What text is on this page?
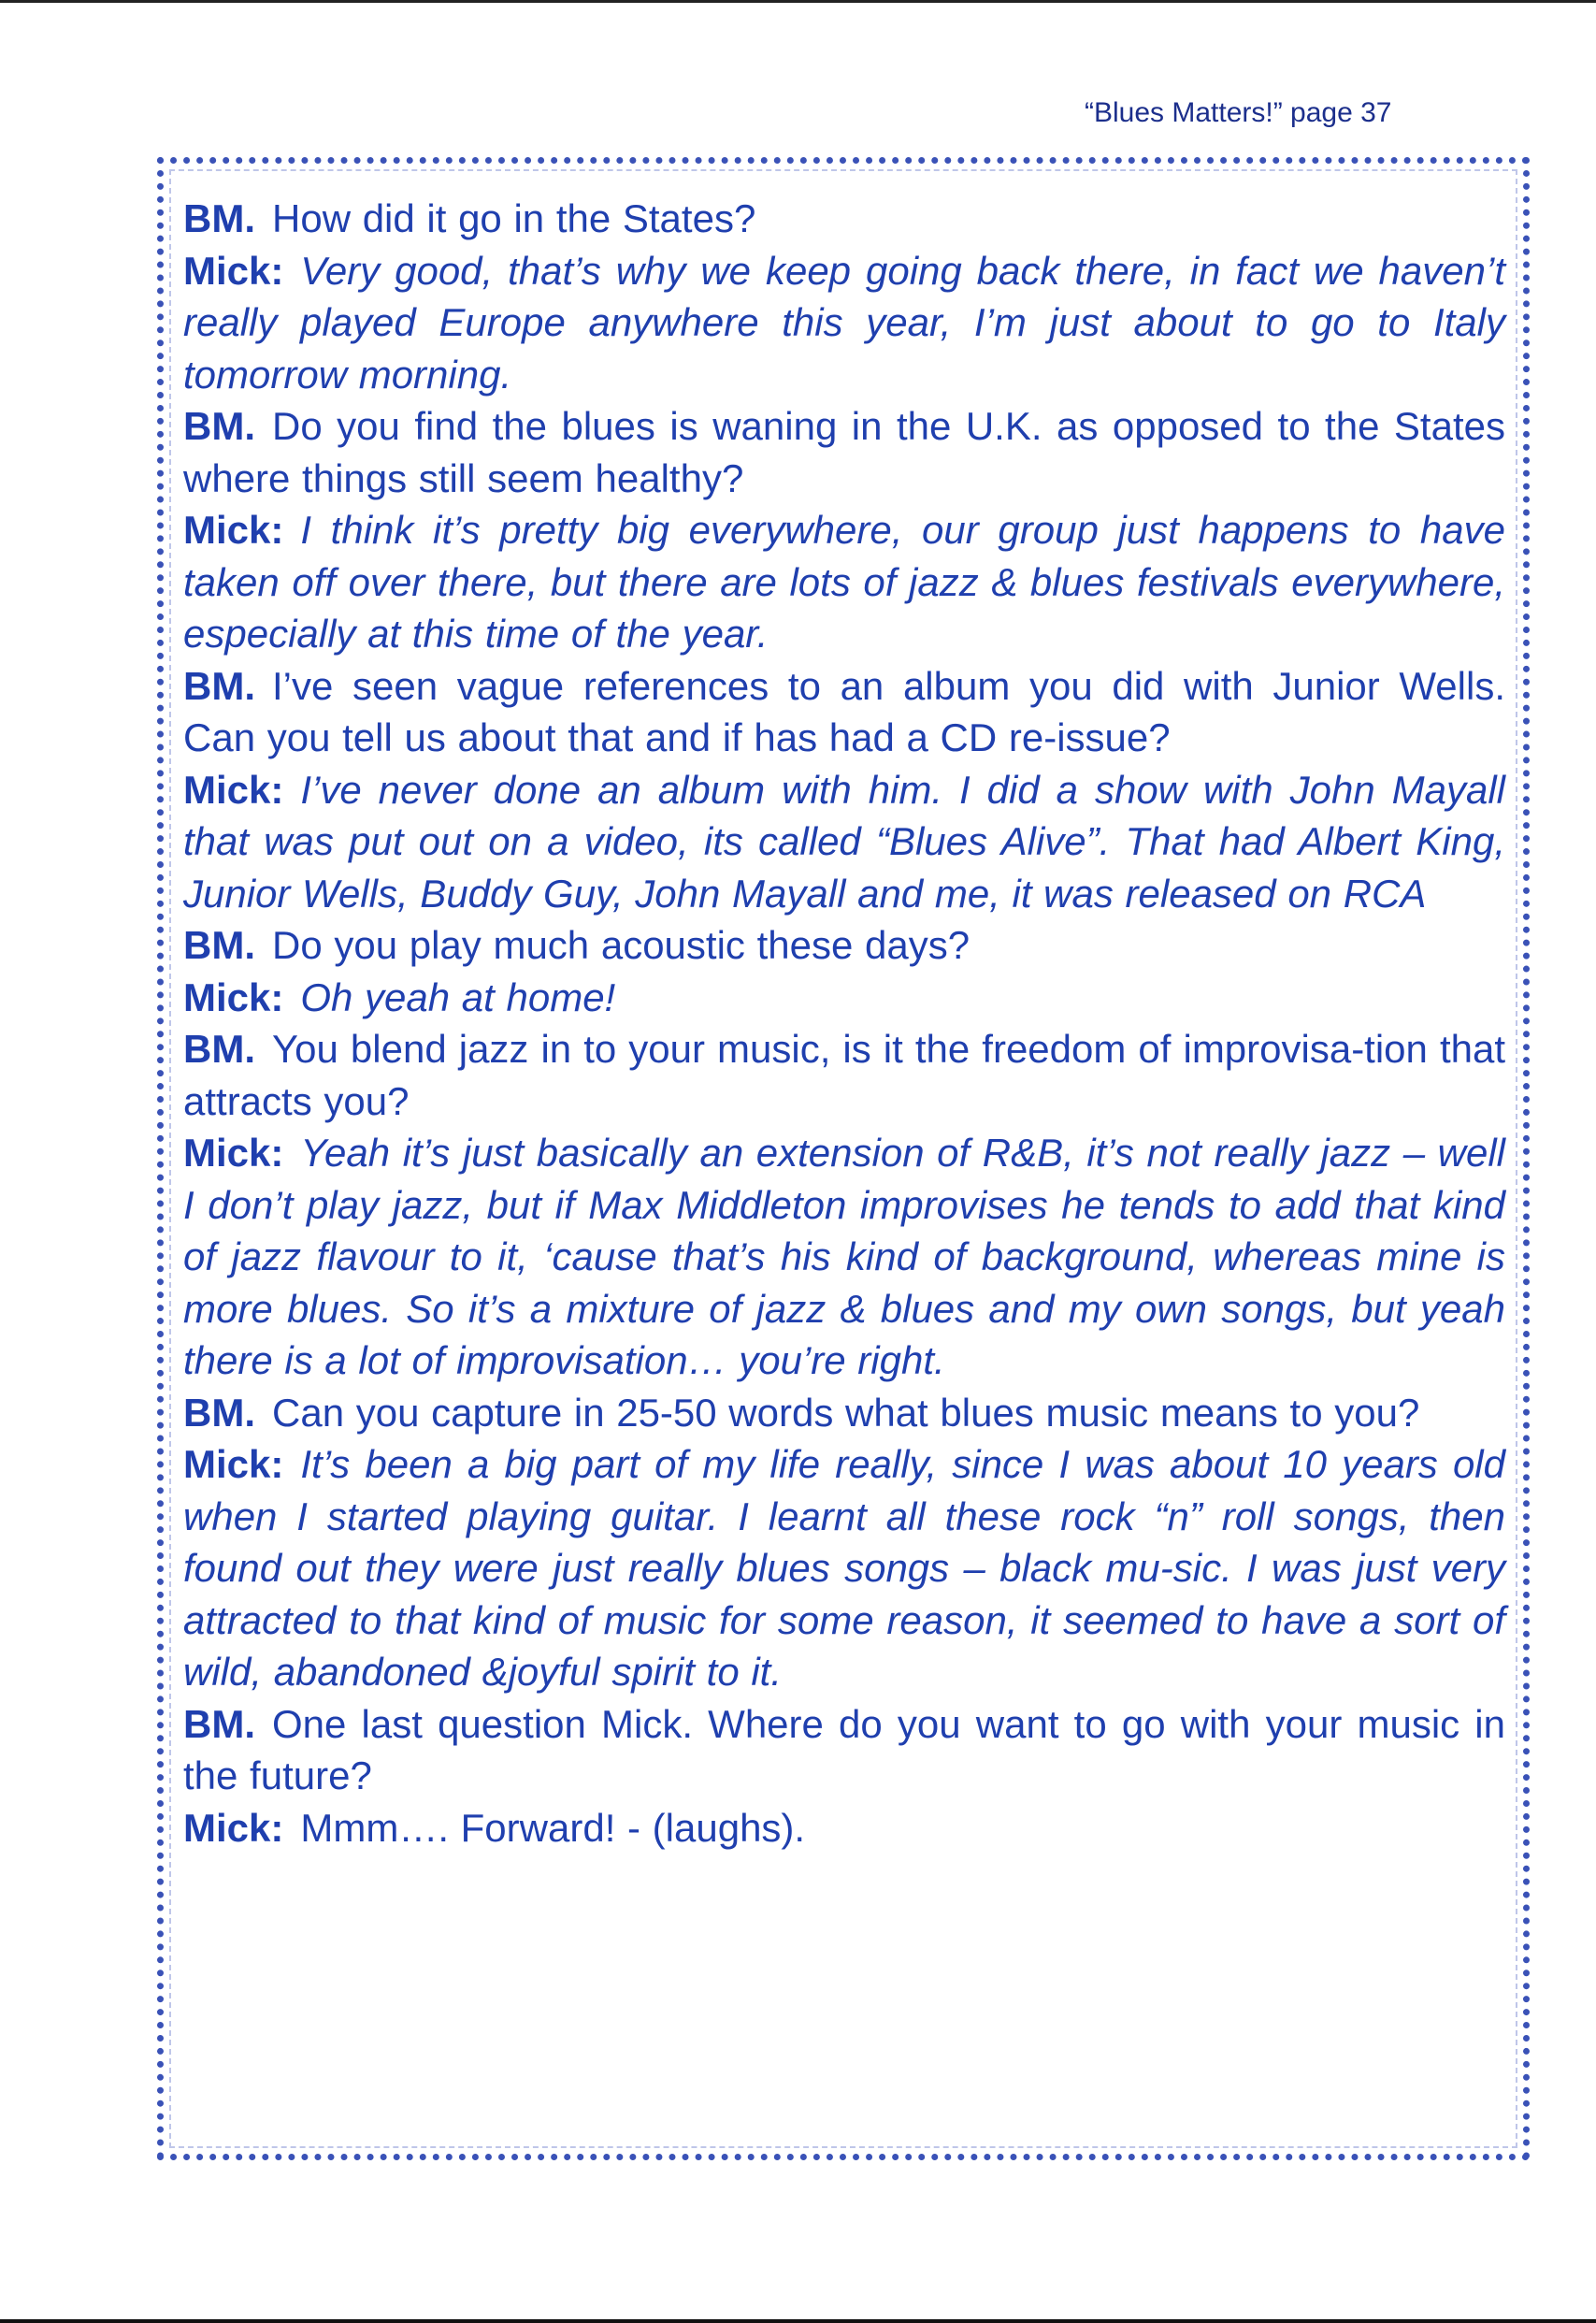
“Blues Matters!” page 37

BM. How did it go in the States?

Mick: Very good, that’s why we keep going back there, in fact we haven’t really played Europe anywhere this year, I’m just about to go to Italy tomorrow morning.

BM. Do you find the blues is waning in the U.K. as opposed to the States where things still seem healthy?

Mick: I think it’s pretty big everywhere, our group just happens to have taken off over there, but there are lots of jazz & blues festivals everywhere, especially at this time of the year.

BM. I’ve seen vague references to an album you did with Junior Wells. Can you tell us about that and if has had a CD re-issue?

Mick: I’ve never done an album with him. I did a show with John Mayall that was put out on a video, its called “Blues Alive”. That had Albert King, Junior Wells, Buddy Guy, John Mayall and me, it was released on RCA

BM. Do you play much acoustic these days?

Mick: Oh yeah at home!

BM. You blend jazz in to your music, is it the freedom of improvisa-tion that attracts you?

Mick: Yeah it’s just basically an extension of R&B, it’s not really jazz – well I don’t play jazz, but if Max Middleton improvises he tends to add that kind of jazz flavour to it, ‘cause that’s his kind of background, whereas mine is more blues. So it’s a mixture of jazz & blues and my own songs, but yeah there is a lot of improvisation… you’re right.

BM. Can you capture in 25-50 words what blues music means to you?

Mick: It’s been a big part of my life really, since I was about 10 years old when I started playing guitar. I learnt all these rock “n” roll songs, then found out they were just really blues songs – black mu-sic. I was just very attracted to that kind of music for some reason, it seemed to have a sort of wild, abandoned &joyful spirit to it.

BM. One last question Mick. Where do you want to go with your music in the future?

Mick: Mmm…. Forward! - (laughs).
